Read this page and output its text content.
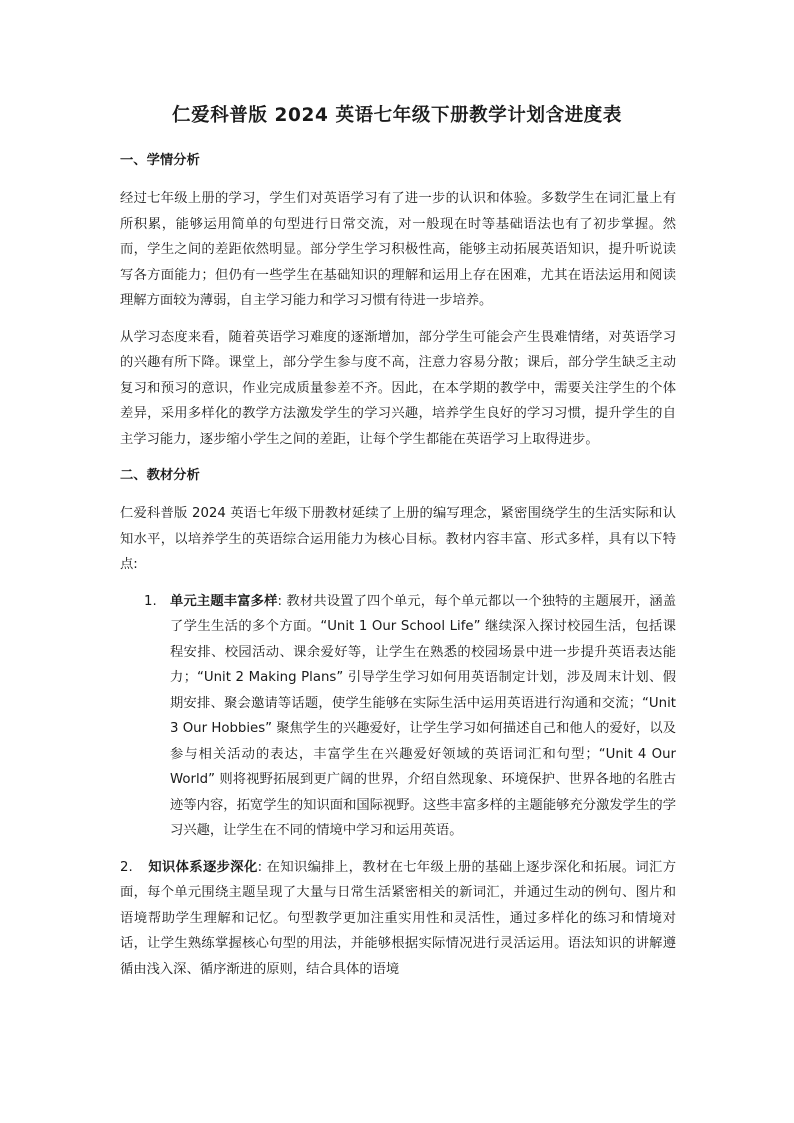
仁爱科普版 2024 英语七年级下册教学计划含进度表
一、学情分析

经过七年级上册的学习，学生们对英语学习有了进一步的认识和体验。多数学生在词汇量上有所积累，能够运用简单的句型进行日常交流，对一般现在时等基础语法也有了初步掌握。然而，学生之间的差距依然明显。部分学生学习积极性高，能够主动拓展英语知识，提升听说读写各方面能力；但仍有一些学生在基础知识的理解和运用上存在困难，尤其在语法运用和阅读理解方面较为薄弱，自主学习能力和学习习惯有待进一步培养。

从学习态度来看，随着英语学习难度的逐渐增加，部分学生可能会产生畏难情绪，对英语学习的兴趣有所下降。课堂上，部分学生参与度不高，注意力容易分散；课后，部分学生缺乏主动复习和预习的意识，作业完成质量参差不齐。因此，在本学期的教学中，需要关注学生的个体差异，采用多样化的教学方法激发学生的学习兴趣，培养学生良好的学习习惯，提升学生的自主学习能力，逐步缩小学生之间的差距，让每个学生都能在英语学习上取得进步。

二、教材分析

仁爱科普版 2024 英语七年级下册教材延续了上册的编写理念，紧密围绕学生的生活实际和认知水平，以培养学生的英语综合运用能力为核心目标。教材内容丰富、形式多样，具有以下特点:

1. 单元主题丰富多样: 教材共设置了四个单元，每个单元都以一个独特的主题展开，涵盖了学生生活的多个方面。“Unit 1 Our School Life” 继续深入探讨校园生活，包括课程安排、校园活动、课余爱好等，让学生在熟悉的校园场景中进一步提升英语表达能力；“Unit 2 Making Plans” 引导学生学习如何用英语制定计划，涉及周末计划、假期安排、聚会邀请等话题，使学生能够在实际生活中运用英语进行沟通和交流；“Unit 3 Our Hobbies” 聚焦学生的兴趣爱好，让学生学习如何描述自己和他人的爱好，以及参与相关活动的表达，丰富学生在兴趣爱好领域的英语词汇和句型；“Unit 4 Our World” 则将视野拓展到更广阔的世界，介绍自然现象、环境保护、世界各地的名胜古迹等内容，拓宽学生的知识面和国际视野。这些丰富多样的主题能够充分激发学生的学习兴趣，让学生在不同的情境中学习和运用英语。

2. 知识体系逐步深化: 在知识编排上，教材在七年级上册的基础上逐步深化和拓展。词汇方面，每个单元围绕主题呈现了大量与日常生活紧密相关的新词汇，并通过生动的例句、图片和语境帮助学生理解和记忆。句型教学更加注重实用性和灵活性，通过多样化的练习和情境对话，让学生熟练掌握核心句型的用法，并能够根据实际情况进行灵活运用。语法知识的讲解遵循由浅入深、循序渐进的原则，结合具体的语境
